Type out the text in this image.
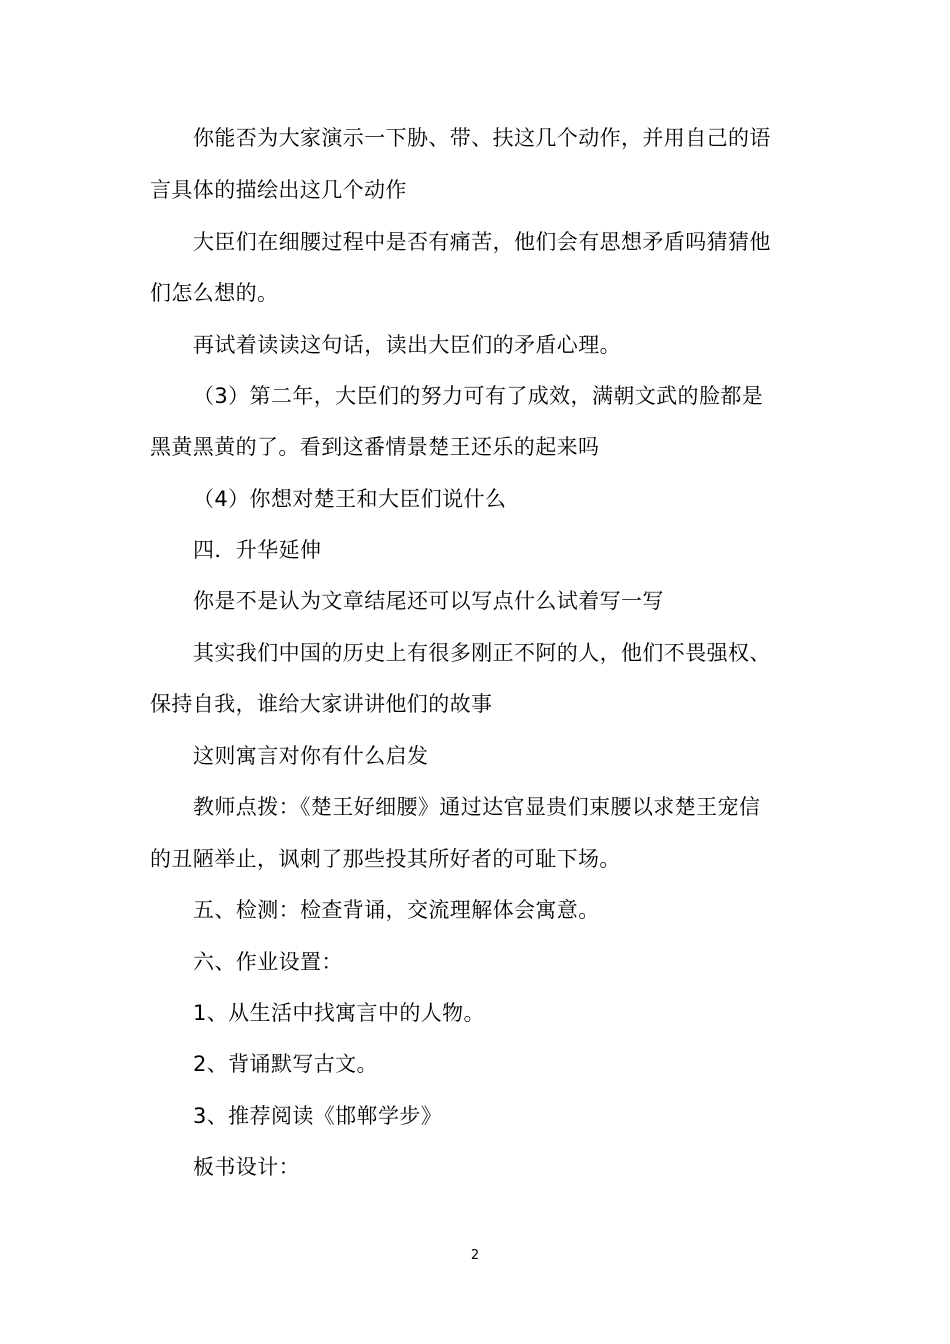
你能否为大家演示一下胁、带、扶这几个动作，并用自己的语
言具体的描绘出这几个动作
大臣们在细腰过程中是否有痛苦，他们会有思想矛盾吗猜猜他
们怎么想的。
再试着读读这句话，读出大臣们的矛盾心理。
（3）第二年，大臣们的努力可有了成效，满朝文武的脸都是
黑黄黑黄的了。看到这番情景楚王还乐的起来吗
（4）你想对楚王和大臣们说什么
四．升华延伸
你是不是认为文章结尾还可以写点什么试着写一写
其实我们中国的历史上有很多刚正不阿的人，他们不畏强权、
保持自我，谁给大家讲讲他们的故事
这则寓言对你有什么启发
教师点拨：《楚王好细腰》通过达官显贵们束腰以求楚王宠信
的丑陋举止，讽刺了那些投其所好者的可耻下场。
五、检测：检查背诵，交流理解体会寓意。
六、作业设置：
1、从生活中找寓言中的人物。
2、背诵默写古文。
3、推荐阅读《邯郸学步》
板书设计：
2
